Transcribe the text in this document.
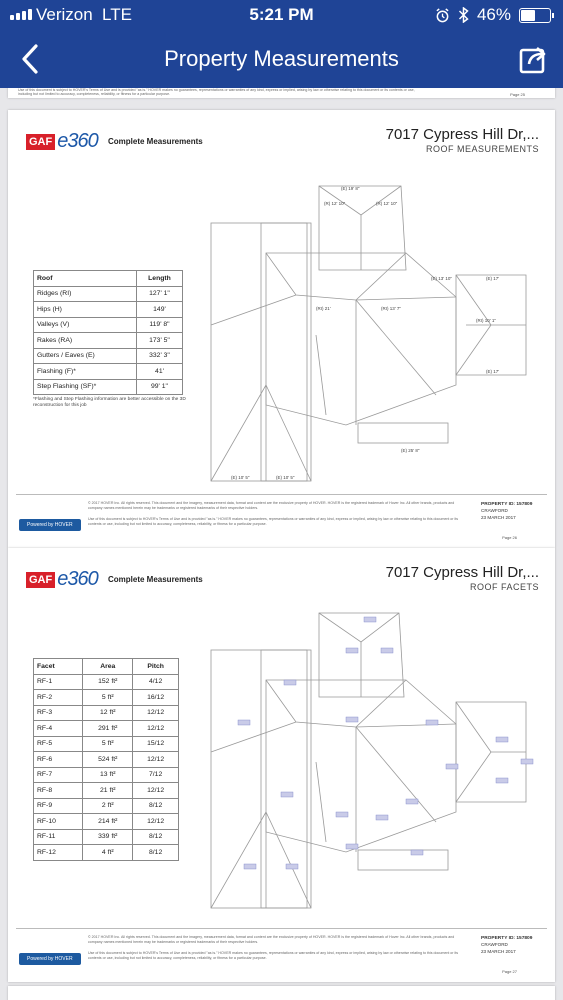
Verizon LTE	5:21 PM	46%
Property Measurements
Use of this document is subject to HOVER's Terms of Use and is provided "as is." HOVER makes no guarantees, representations or warranties of any kind, express or implied, arising by law or otherwise relating to this document or its contents or use, including but not limited to accuracy, completeness, reliability, or fitness for a particular purpose.	Page 25
GAF e360 Complete Measurements	7017 Cypress Hill Dr,...
ROOF MEASUREMENTS
Roof	Length
Ridges (RI)	127' 1"
Hips (H)	149'
Valleys (V)	119' 8"
Rakes (RA)	173' 5"
Gutters / Eaves (E)	332' 3"
Flashing (F)*	41'
Step Flashing (SF)*	99' 1"
*Flashing and Step Flashing information are better accessible on the 3D reconstruction for this job
(E) 19' 8"
(R) 12' 10"	(R) 12' 10"
(E) 13' 10"	(E) 17'
(RI) 21'	(RI) 13' 7"
(RI) 10' 1"
(E) 25' 8"
(E) 10' 5"	(E) 10' 5"
(E) 17'
Powered by HOVER
© 2017 HOVER Inc. All rights reserved. This document and the imagery, measurement data, format and content are the exclusive property of HOVER. HOVER is the registered trademark of Hover Inc. All other brands, products and company names mentioned herein may be trademarks or registered trademarks of their respective holders.
Use of this document is subject to HOVER's Terms of Use and is provided "as is." HOVER makes no guarantees, representations or warranties of any kind, express or implied, arising by law or otherwise relating to this document or its contents or use, including but not limited to accuracy, completeness, reliability, or fitness for a particular purpose.
PROPERTY ID: 157809
CRAWFORD
23 MARCH 2017
Page 26
GAF e360 Complete Measurements	7017 Cypress Hill Dr,...
ROOF FACETS
Facet	Area	Pitch
RF-1	152 ft²	4/12
RF-2	5 ft²	16/12
RF-3	12 ft²	12/12
RF-4	291 ft²	12/12
RF-5	5 ft²	15/12
RF-6	524 ft²	12/12
RF-7	13 ft²	7/12
RF-8	21 ft²	12/12
RF-9	2 ft²	8/12
RF-10	214 ft²	12/12
RF-11	339 ft²	8/12
RF-12	4 ft²	8/12
Powered by HOVER
© 2017 HOVER Inc. All rights reserved. This document and the imagery, measurement data, format and content are the exclusive property of HOVER. HOVER is the registered trademark of Hover Inc. All other brands, products and company names mentioned herein may be trademarks or registered trademarks of their respective holders.
Use of this document is subject to HOVER's Terms of Use and is provided "as is." HOVER makes no guarantees, representations or warranties of any kind, express or implied, arising by law or otherwise relating to this document or its contents or use, including but not limited to accuracy, completeness, reliability, or fitness for a particular purpose.
PROPERTY ID: 157809
CRAWFORD
23 MARCH 2017
Page 27
